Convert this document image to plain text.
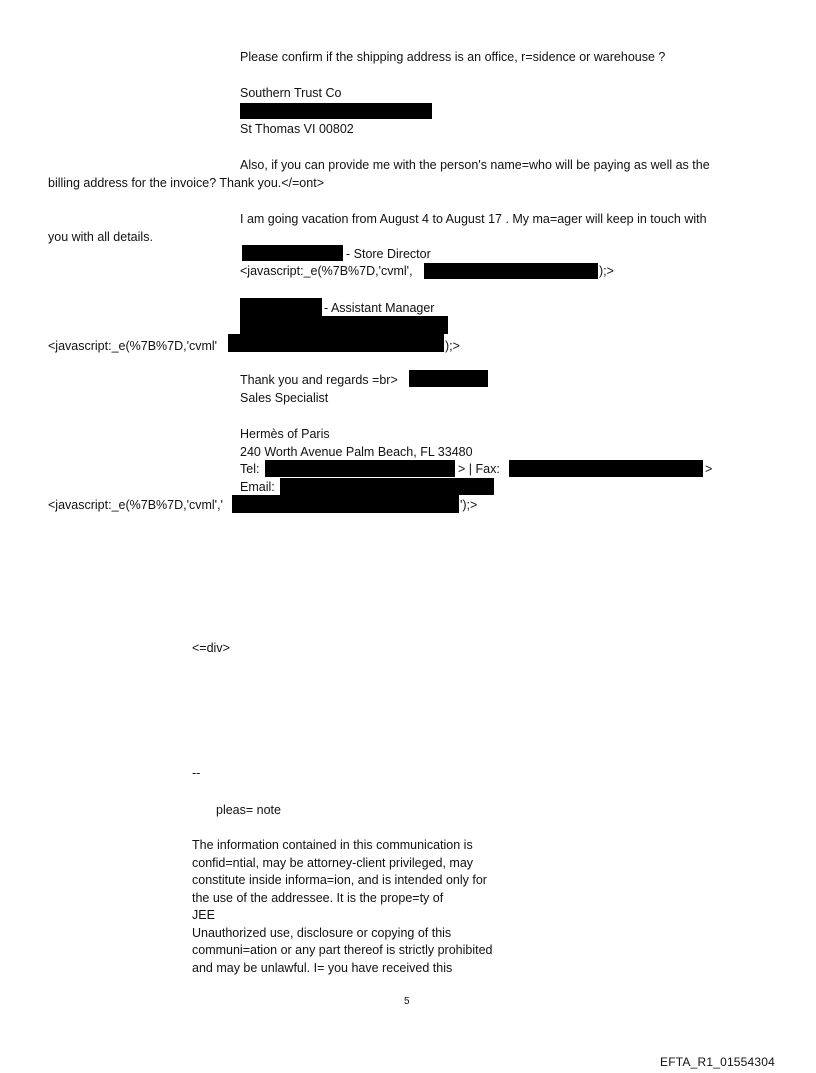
Please confirm if the shipping address is an office, r=sidence or warehouse ?
Southern Trust Co
St Thomas VI 00802
Also, if you can provide me with the person's name=who will be paying as well as the
billing address for the invoice? Thank you.</=ont>
I am going vacation from August 4 to August 17 . My ma=ager will keep in touch with
you with all details.
- Store Director
<javascript:_e(%7B%7D,'cvml',	);>
- Assistant Manager
<javascript:_e(%7B%7D,'cvml'	);>
Thank you and regards =br>
Sales Specialist
Hermès of Paris
240 Worth Avenue Palm Beach, FL 33480
Tel:	> | Fax:	>
Email:
<javascript:_e(%7B%7D,'cvml','	');>
<=div>
--
pleas= note
The information contained in this communication is
confid=ntial, may be attorney-client privileged, may
constitute inside informa=ion, and is intended only for
the use of the addressee. It is the prope=ty of
JEE
Unauthorized use, disclosure or copying of this
communi=ation or any part thereof is strictly prohibited
and may be unlawful. I= you have received this
5
EFTA_R1_01554304
